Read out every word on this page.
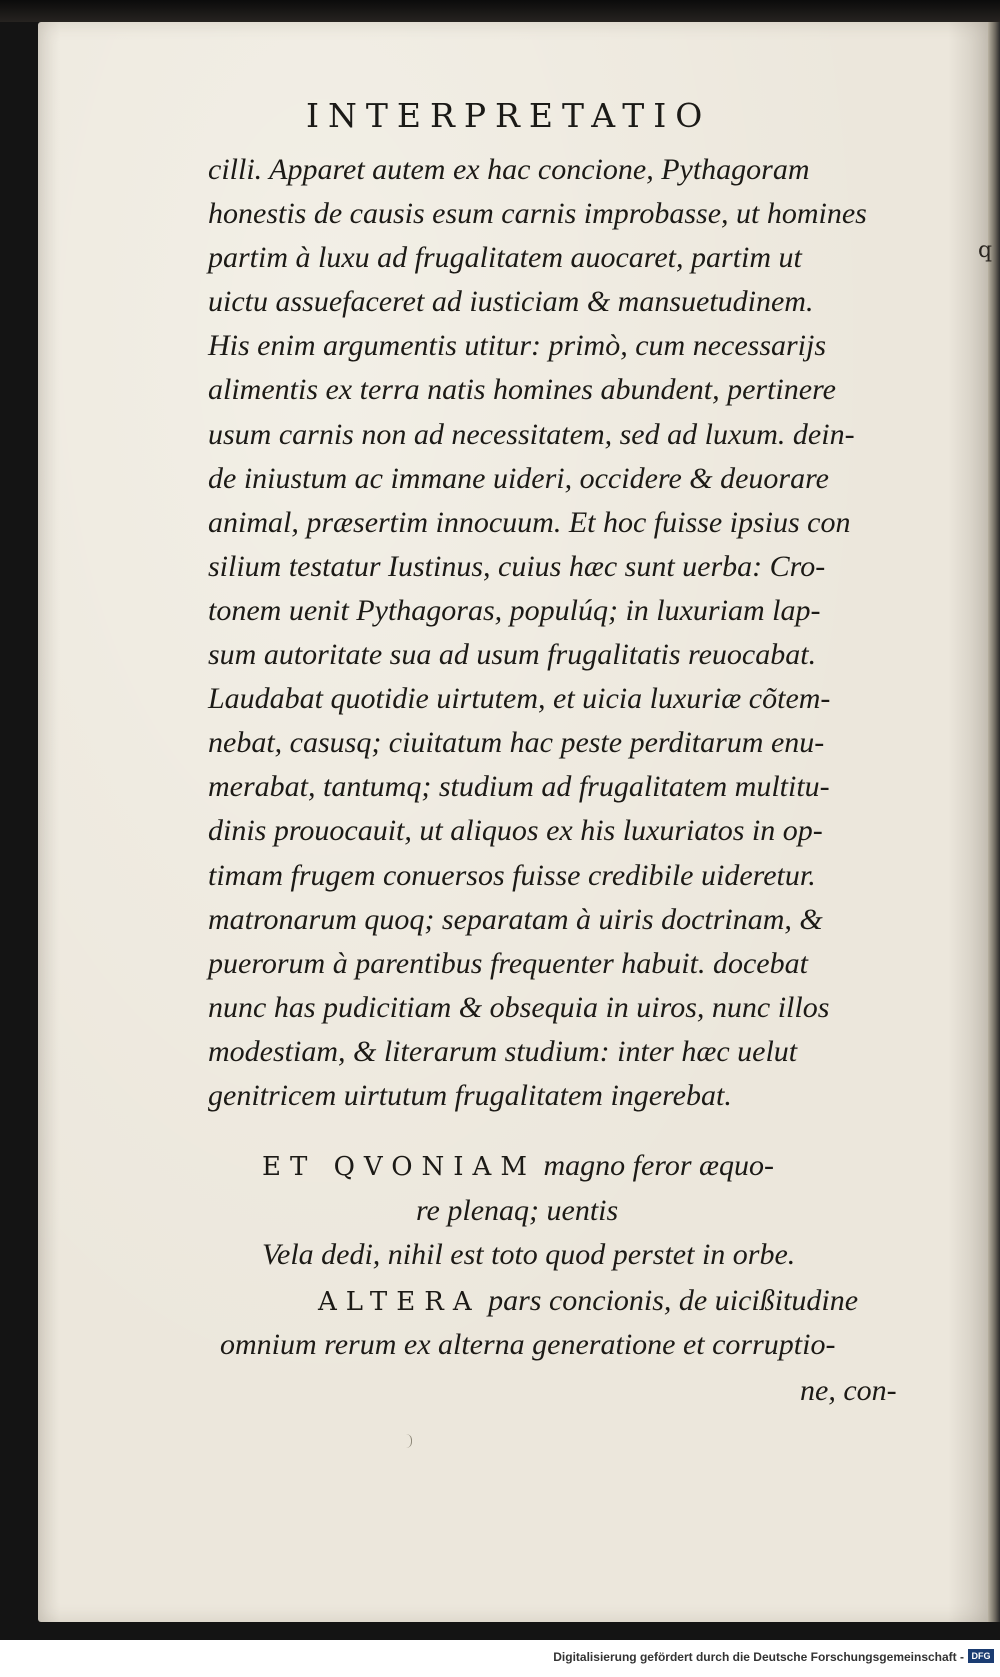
INTERPRETATIO
cilli. Apparet autem ex hac concione, Pythagoram
honestis de causis esum carnis improbasse, ut homines
partim à luxu ad frugalitatem auocaret, partim ut
uictu assuefaceret ad iusticiam & mansuetudinem.
His enim argumentis utitur: primò, cum necessarijs
alimentis ex terra natis homines abundent, pertinere
usum carnis non ad necessitatem, sed ad luxum. dein-
de iniustum ac immane uideri, occidere & deuorare
animal, præsertim innocuum. Et hoc fuisse ipsius con
silium testatur Iustinus, cuius hæc sunt uerba: Cro-
tonem uenit Pythagoras, populúq; in luxuriam lap-
sum autoritate sua ad usum frugalitatis reuocabat.
Laudabat quotidie uirtutem, et uicia luxuriæ cõtem-
nebat, casusq; ciuitatum hac peste perditarum enu-
merabat, tantumq; studium ad frugalitatem multitu-
dinis prouocauit, ut aliquos ex his luxuriatos in op-
timam frugem conuersos fuisse credibile uideretur.
matronarum quoq; separatam à uiris doctrinam, &
puerorum à parentibus frequenter habuit. docebat
nunc has pudicitiam & obsequia in uiros, nunc illos
modestiam, & literarum studium: inter hæc uelut
genitricem uirtutum frugalitatem ingerebat.
ET QVONIAM magno feror æquo-
re plenaq; uentis
Vela dedi, nihil est toto quod perstet in orbe.
ALTERA pars concionis, de uicißitudine
omnium rerum ex alterna generatione et corruptio-
ne, con-
q
Digitalisierung gefördert durch die Deutsche Forschungsgemeinschaft - DFG
